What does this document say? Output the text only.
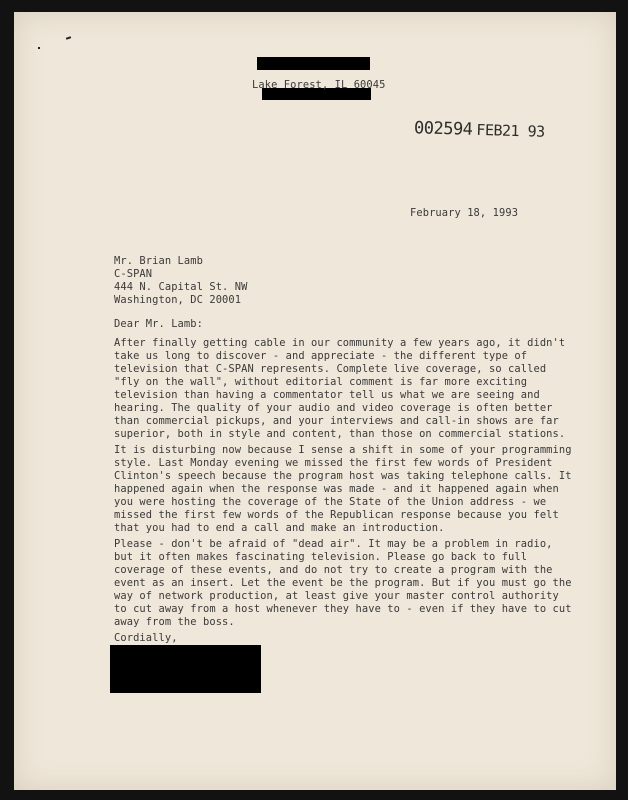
Lake Forest, IL 60045
002594 FEB21 93
February 18, 1993
Mr. Brian Lamb
C-SPAN
444 N. Capital St. NW
Washington, DC 20001
Dear Mr. Lamb:
After finally getting cable in our community a few years ago, it didn't
take us long to discover - and appreciate - the different type of
television that C-SPAN represents. Complete live coverage, so called
"fly on the wall", without editorial comment is far more exciting
television than having a commentator tell us what we are seeing and
hearing. The quality of your audio and video coverage is often better
than commercial pickups, and your interviews and call-in shows are far
superior, both in style and content, than those on commercial stations.
It is disturbing now because I sense a shift in some of your programming
style. Last Monday evening we missed the first few words of President
Clinton's speech because the program host was taking telephone calls. It
happened again when the response was made - and it happened again when
you were hosting the coverage of the State of the Union address - we
missed the first few words of the Republican response because you felt
that you had to end a call and make an introduction.
Please - don't be afraid of "dead air". It may be a problem in radio,
but it often makes fascinating television. Please go back to full
coverage of these events, and do not try to create a program with the
event as an insert. Let the event be the program. But if you must go the
way of network production, at least give your master control authority
to cut away from a host whenever they have to - even if they have to cut
away from the boss.
Cordially,
